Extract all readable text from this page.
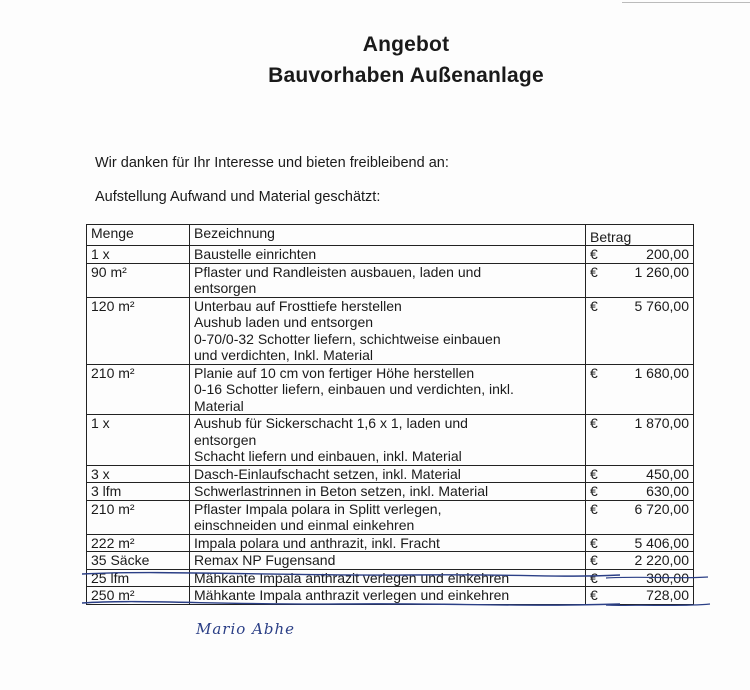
Angebot
Bauvorhaben Außenanlage
Wir danken für Ihr Interesse und bieten freibleibend an:
Aufstellung Aufwand und Material geschätzt:
Menge	Bezeichnung	Betrag
1 x	Baustelle einrichten	€ 200,00

90 m²	Pflaster und Randleisten ausbauen, laden und
entsorgen	€ 1 260,00

120 m²	Unterbau auf Frosttiefe herstellen
Aushub laden und entsorgen
0-70/0-32 Schotter liefern, schichtweise einbauen
und verdichten, Inkl. Material	€ 5 760,00

210 m²	Planie auf 10 cm von fertiger Höhe herstellen
0-16 Schotter liefern, einbauen und verdichten, inkl.
Material	€ 1 680,00

1 x	Aushub für Sickerschacht 1,6 x 1, laden und
entsorgen
Schacht liefern und einbauen, inkl. Material	€ 1 870,00

3 x	Dasch-Einlaufschacht setzen, inkl. Material	€ 450,00

3 lfm	Schwerlastrinnen in Beton setzen, inkl. Material	€ 630,00

210 m²	Pflaster Impala polara in Splitt verlegen,
einschneiden und einmal einkehren	€ 6 720,00

222 m²	Impala polara und anthrazit, inkl. Fracht	€ 5 406,00

35 Säcke	Remax NP Fugensand	€ 2 220,00

25 lfm	Mähkante Impala anthrazit verlegen und einkehren	€ 300,00

250 m²	Mähkante Impala anthrazit verlegen und einkehren	€ 728,00
Mario Abhe
